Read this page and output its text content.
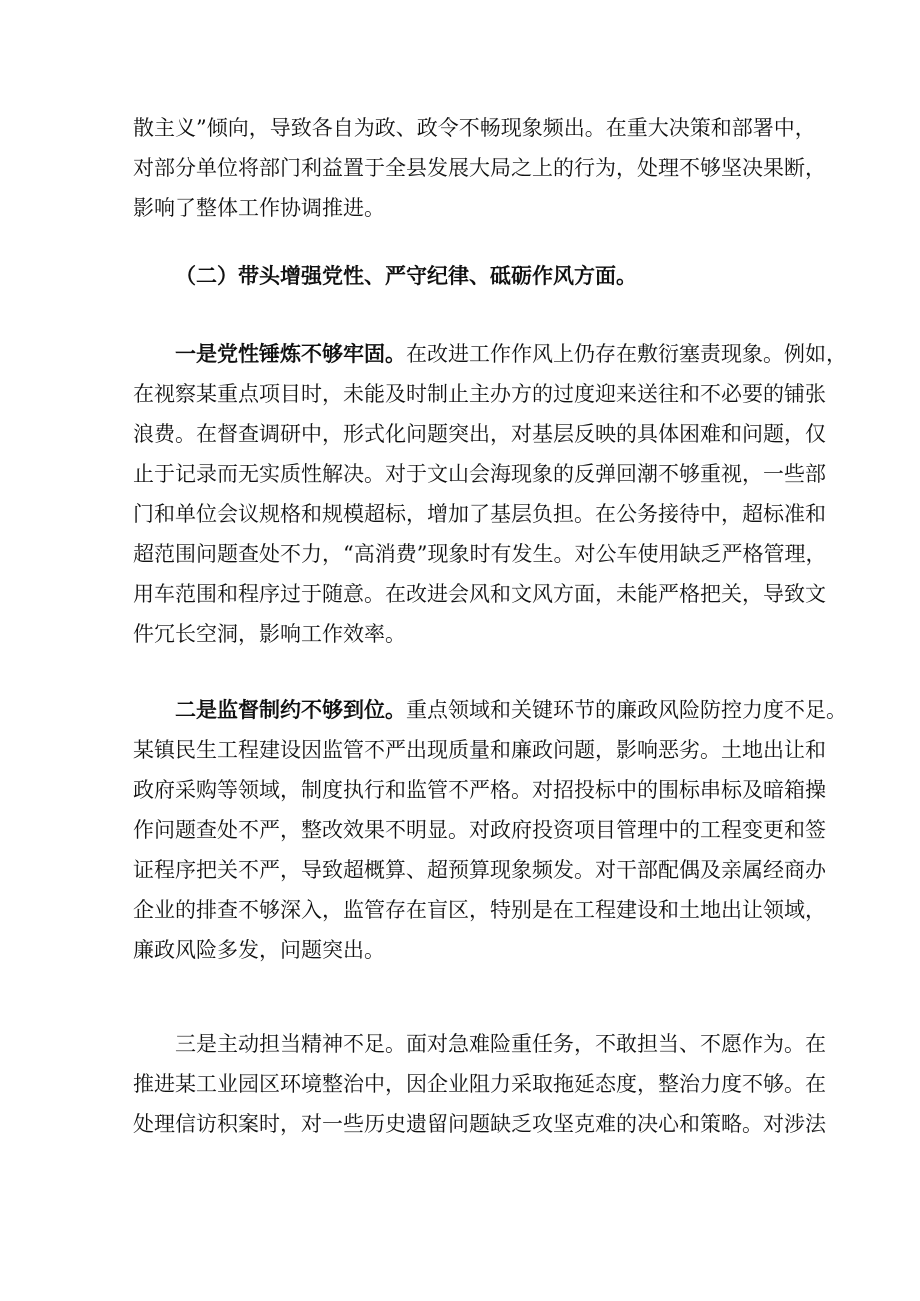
散主义”倾向，导致各自为政、政令不畅现象频出。在重大决策和部署中，
对部分单位将部门利益置于全县发展大局之上的行为，处理不够坚决果断，
影响了整体工作协调推进。
（二）带头增强党性、严守纪律、砥砺作风方面。
一是党性锤炼不够牢固。在改进工作作风上仍存在敷衍塞责现象。例如，
在视察某重点项目时，未能及时制止主办方的过度迎来送往和不必要的铺张
浪费。在督查调研中，形式化问题突出，对基层反映的具体困难和问题，仅
止于记录而无实质性解决。对于文山会海现象的反弹回潮不够重视，一些部
门和单位会议规格和规模超标，增加了基层负担。在公务接待中，超标准和
超范围问题查处不力，“高消费”现象时有发生。对公车使用缺乏严格管理，
用车范围和程序过于随意。在改进会风和文风方面，未能严格把关，导致文
件冗长空洞，影响工作效率。
二是监督制约不够到位。重点领域和关键环节的廉政风险防控力度不足。
某镇民生工程建设因监管不严出现质量和廉政问题，影响恶劣。土地出让和
政府采购等领域，制度执行和监管不严格。对招投标中的围标串标及暗箱操
作问题查处不严，整改效果不明显。对政府投资项目管理中的工程变更和签
证程序把关不严，导致超概算、超预算现象频发。对干部配偶及亲属经商办
企业的排查不够深入，监管存在盲区，特别是在工程建设和土地出让领域，
廉政风险多发，问题突出。
三是主动担当精神不足。面对急难险重任务，不敢担当、不愿作为。在
推进某工业园区环境整治中，因企业阻力采取拖延态度，整治力度不够。在
处理信访积案时，对一些历史遗留问题缺乏攻坚克难的决心和策略。对涉法
